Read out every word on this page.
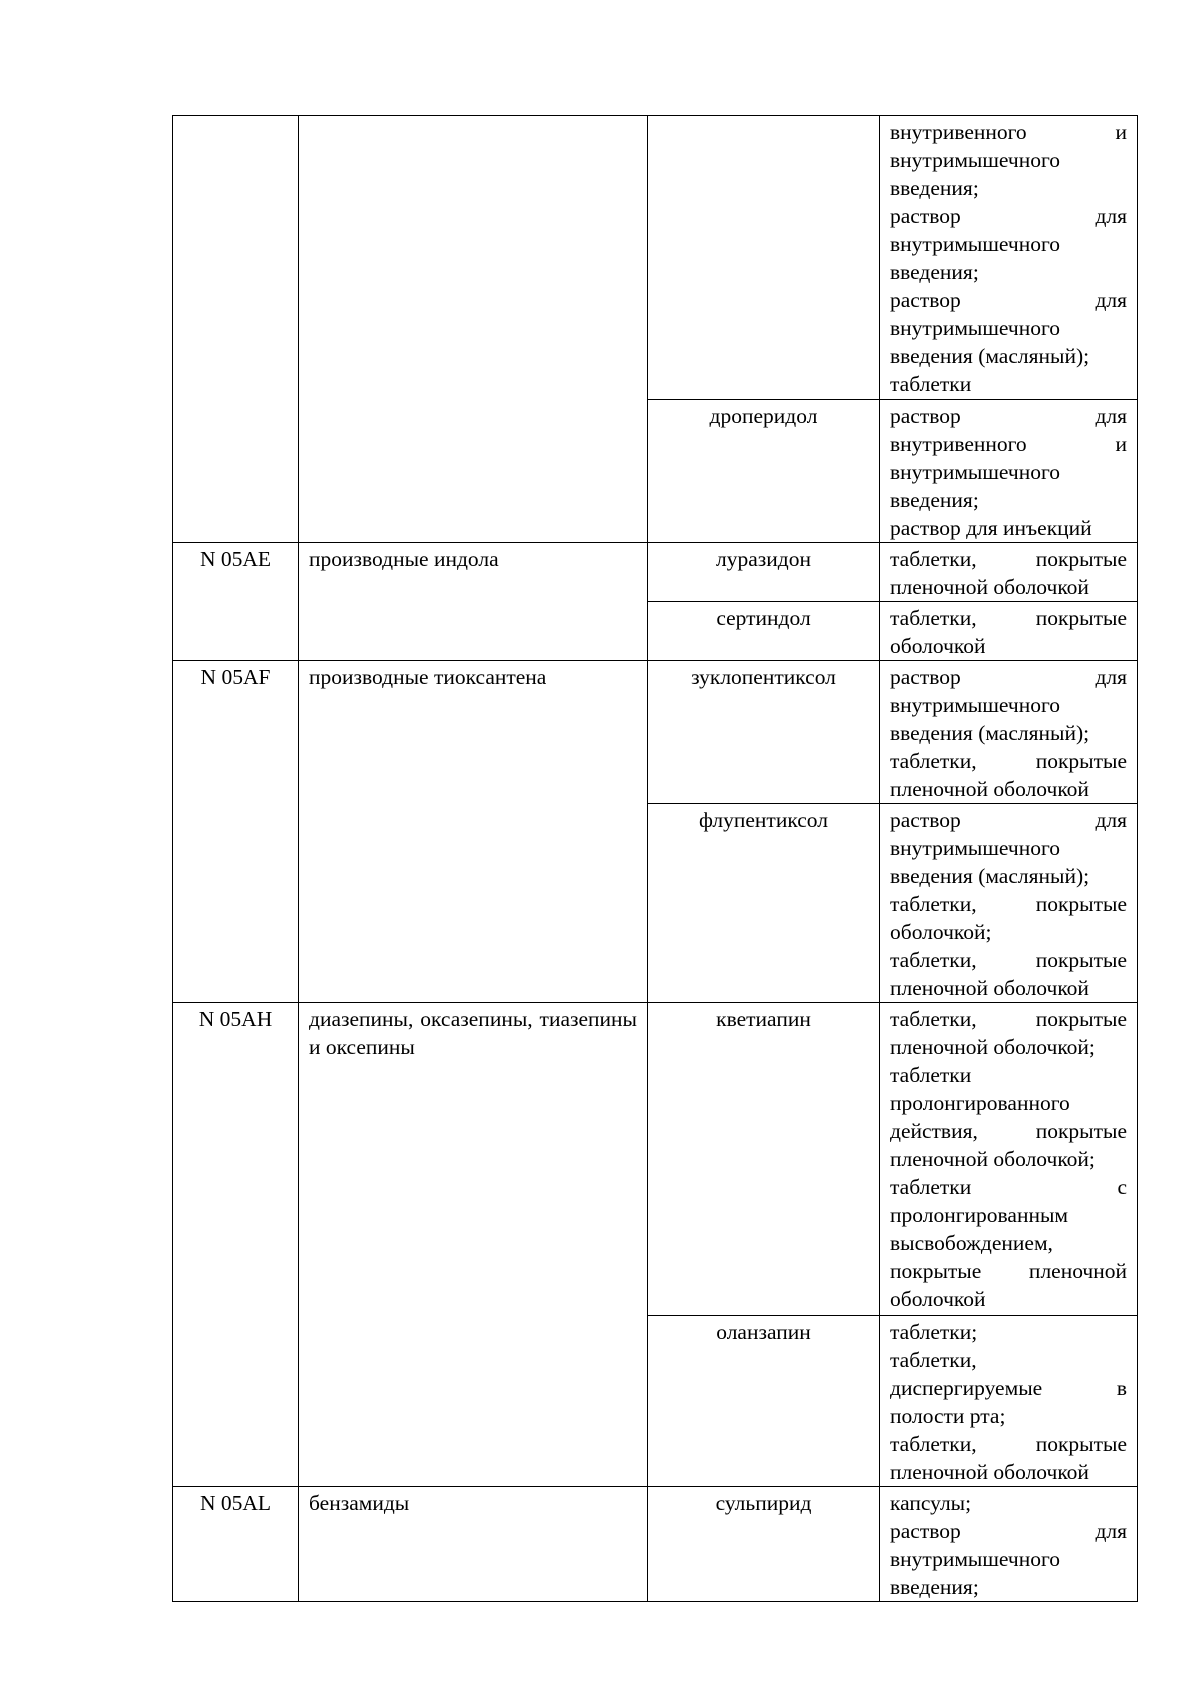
			внутривенного и внутримышечного введения;
раствор для внутримышечного введения;
раствор для внутримышечного введения (масляный);
таблетки

		дроперидол	раствор для внутривенного и внутримышечного введения;
раствор для инъекций

N 05AE	производные индола	луразидон	таблетки, покрытые пленочной оболочкой

		сертиндол	таблетки, покрытые оболочкой

N 05AF	производные тиоксантена	зуклопентиксол	раствор для внутримышечного введения (масляный);
таблетки, покрытые пленочной оболочкой

		флупентиксол	раствор для внутримышечного введения (масляный);
таблетки, покрытые оболочкой;
таблетки, покрытые пленочной оболочкой

N 05AH	диазепины, оксазепины, тиазепины и оксепины	кветиапин	таблетки, покрытые пленочной оболочкой;
таблетки пролонгированного действия, покрытые пленочной оболочкой;
таблетки с пролонгированным высвобождением, покрытые пленочной оболочкой

		оланзапин	таблетки;
таблетки, диспергируемые в полости рта;
таблетки, покрытые пленочной оболочкой

N 05AL	бензамиды	сульпирид	капсулы;
раствор для внутримышечного введения;
